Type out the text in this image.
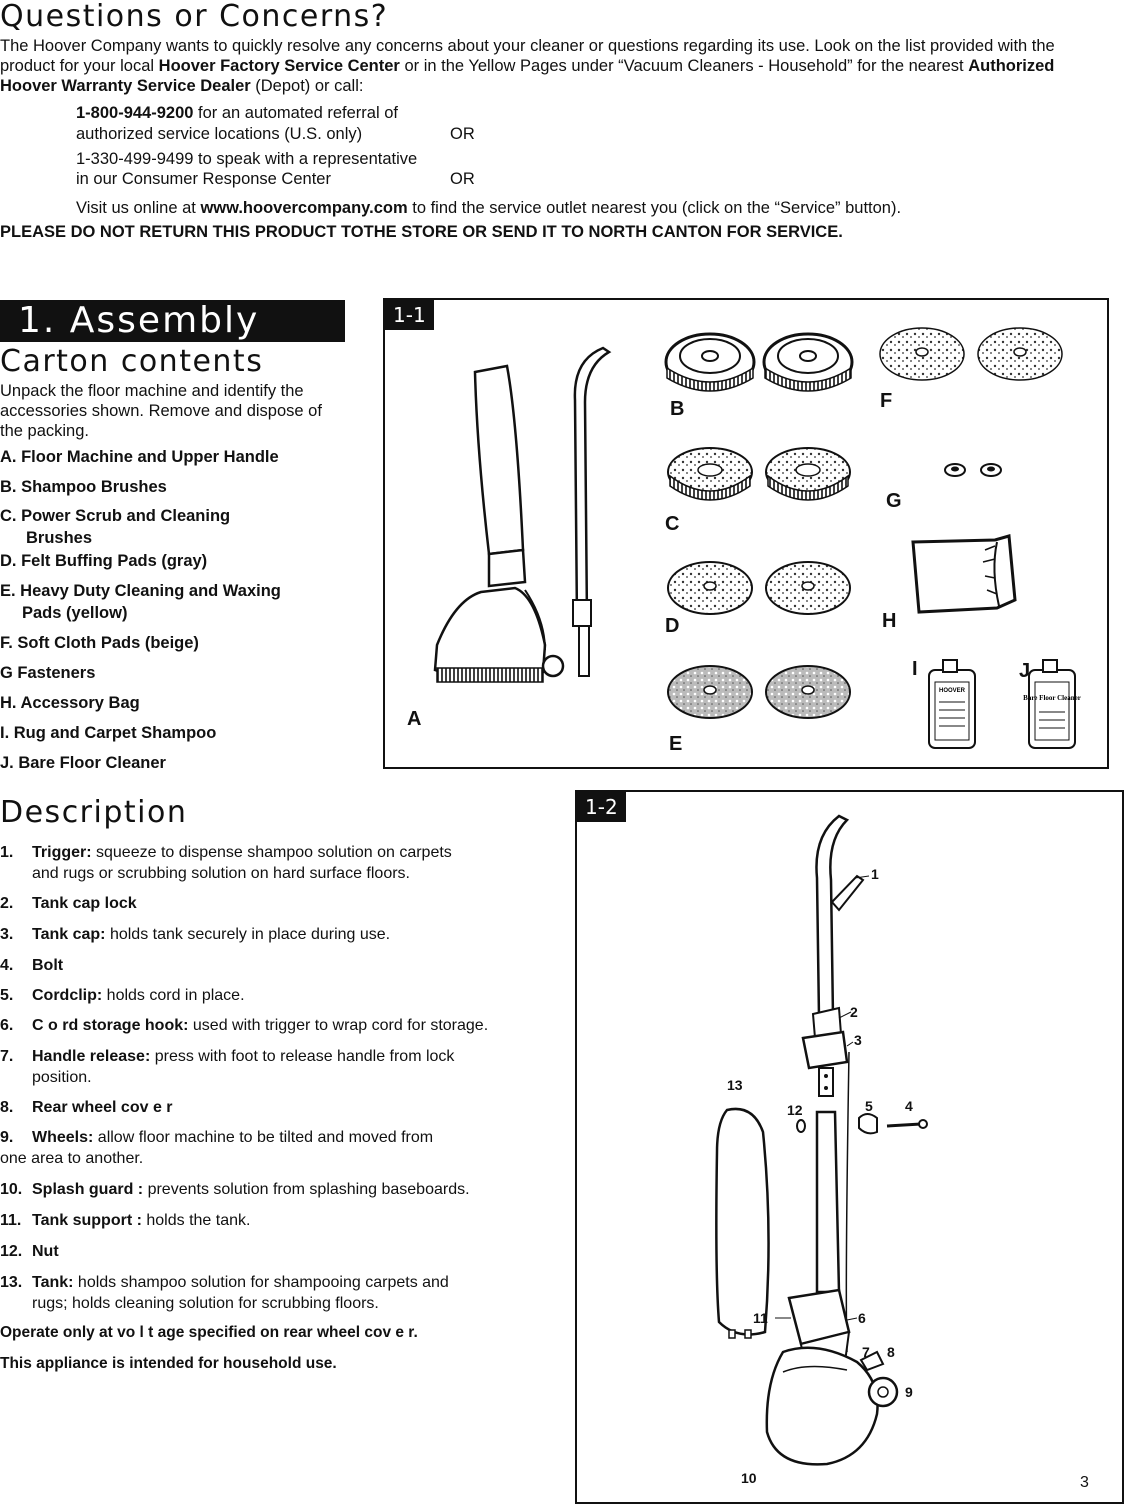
Questions or Concerns?
The Hoover Company wants to quickly resolve any concerns about your cleaner or questions regarding its use. Look on the list provided with the product for your local Hoover Factory Service Center or in the Yellow Pages under “Vacuum Cleaners - Household” for the nearest Authorized Hoover Warranty Service Dealer (Depot) or call:
1-800-944-9200 for an automated referral of
authorized service locations (U.S. only)	OR
1-330-499-9499 to speak with a representative
in our Consumer Response Center	OR
Visit us online at www.hoovercompany.com to find the service outlet nearest you (click on the “Service” button).
PLEASE DO NOT RETURN THIS PRODUCT TOTHE STORE OR SEND IT TO NORTH CANTON FOR SERVICE.
1. Assembly
Carton contents
Unpack the floor machine and identify the accessories shown. Remove and dispose of the packing.
A. Floor Machine and Upper Handle
B. Shampoo Brushes
C. Power Scrub and Cleaning
Brushes
D. Felt Buffing Pads (gray)
E. Heavy Duty Cleaning and Waxing
Pads (yellow)
F. Soft Cloth Pads (beige)
G Fasteners
H. Accessory Bag
I. Rug and Carpet Shampoo
J. Bare Floor Cleaner
1-1
HOOVER
Bare Floor Cleaner
B	F
G
C
D	H
I	J
A
E
Description
1. Trigger: squeeze to dispense shampoo solution on carpets
and rugs or scrubbing solution on hard surface floors.
2. Tank cap lock
3. Tank cap: holds tank securely in place during use.
4. Bolt
5. Cordclip: holds cord in place.
6. C o rd storage hook: used with trigger to wrap cord for storage.
7. Handle release: press with foot to release handle from lock
position.
8. Rear wheel cov e r
9. Wheels: allow floor machine to be tilted and moved from
one area to another.
10. Splash guard : prevents solution from splashing baseboards.
11. Tank support : holds the tank.
12. Nut
13. Tank: holds shampoo solution for shampooing carpets and
rugs; holds cleaning solution for scrubbing floors.
Operate only at vo l t age specified on rear wheel cov e r.
This appliance is intended for household use.
1-2
1
2
3
4
5
6
7 8
9
10
11
12
13
3
